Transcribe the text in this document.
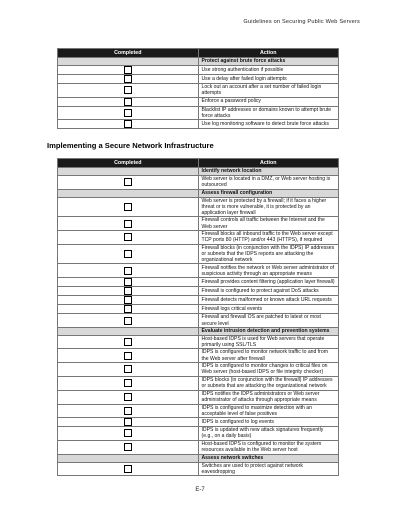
Guidelines on Securing Public Web Servers
Completed	Action
	Protect against brute force attacks
	Use strong authentication if possible
	Use a delay after failed login attempts
	Lock out an account after a set number of failed login attempts
	Enforce a password policy
	Blacklist IP addresses or domains known to attempt brute force attacks
	Use log monitoring software to detect brute force attacks
Implementing a Secure Network Infrastructure
Completed	Action
	Identify network location
	Web server is located in a DMZ, or Web server hosting is outsourced
	Assess firewall configuration
	Web server is protected by a firewall; if it faces a higher threat or is more vulnerable, it is protected by an application layer firewall
	Firewall controls all traffic between the Internet and the Web server
	Firewall blocks all inbound traffic to the Web server except TCP ports 80 (HTTP) and/or 443 (HTTPS), if required
	Firewall blocks (in conjunction with the IDPS) IP addresses or subnets that the IDPS reports are attacking the organizational network
	Firewall notifies the network or Web server administrator of suspicious activity through an appropriate means
	Firewall provides content filtering (application layer firewall)
	Firewall is configured to protect against DoS attacks
	Firewall detects malformed or known attack URL requests
	Firewall logs critical events
	Firewall and firewall OS are patched to latest or most secure level
	Evaluate intrusion detection and prevention systems
	Host-based IDPS is used for Web servers that operate primarily using SSL/TLS
	IDPS is configured to monitor network traffic to and from the Web server after firewall
	IDPS is configured to monitor changes to critical files on Web server (host-based IDPS or file integrity checker)
	IDPS blocks (in conjunction with the firewall) IP addresses or subnets that are attacking the organizational network
	IDPS notifies the IDPS administrators or Web server administrator of attacks through appropriate means
	IDPS is configured to maximize detection with an acceptable level of false positives
	IDPS is configured to log events
	IDPS is updated with new attack signatures frequently (e.g., on a daily basis)
	Host-based IDPS is configured to monitor the system resources available in the Web server host
	Assess network switches
	Switches are used to protect against network eavesdropping
E-7
